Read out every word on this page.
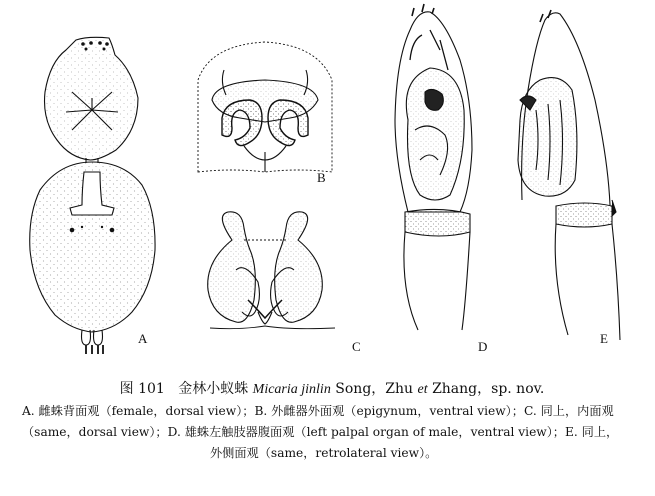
A
B
C	D
E
图 101 金林小蚁蛛 Micaria jinlin Song，Zhu et Zhang，sp. nov.
A. 雌蛛背面观（female，dorsal view）；B. 外雌器外面观（epigynum，ventral view）；C. 同上，内面观
（same，dorsal view）；D. 雄蛛左触肢器腹面观（left palpal organ of male，ventral view）；E. 同上，
外侧面观（same，retrolateral view）。
